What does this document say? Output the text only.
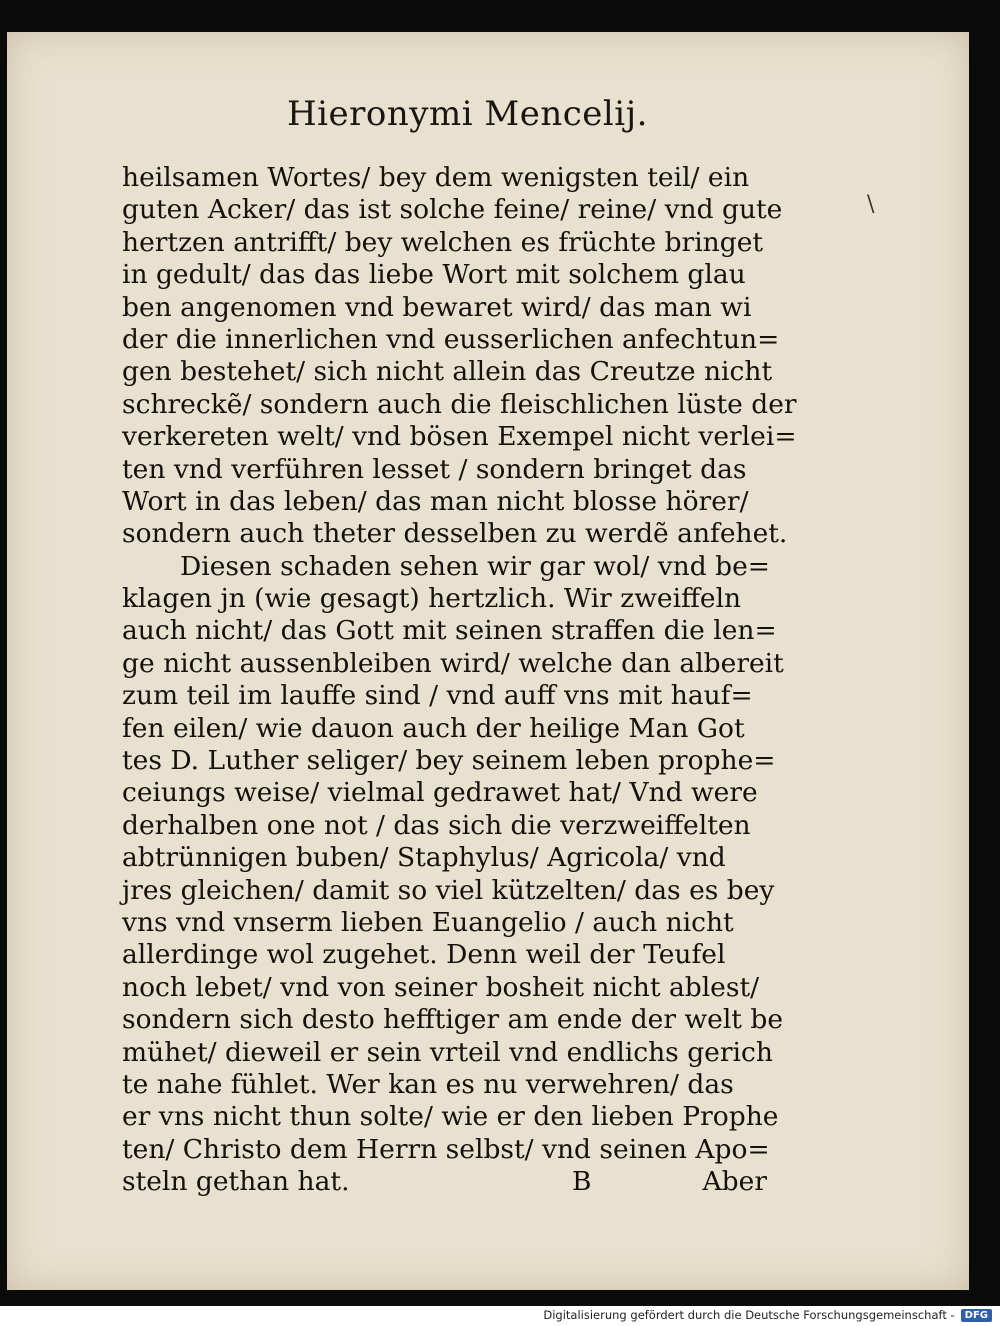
Hieronymi Mencelij.
\
heilsamen Wortes/ bey dem wenigsten teil/ ein
guten Acker/ das ist solche feine/ reine/ vnd gute
hertzen antrifft/ bey welchen es früchte bringet
in gedult/ das das liebe Wort mit solchem glau
ben angenomen vnd bewaret wird/ das man wi
der die innerlichen vnd eusserlichen anfechtun=
gen bestehet/ sich nicht allein das Creutze nicht
schreckẽ/ sondern auch die fleischlichen lüste der
verkereten welt/ vnd bösen Exempel nicht verlei=
ten vnd verführen lesset / sondern bringet das
Wort in das leben/ das man nicht blosse hörer/
sondern auch theter desselben zu werdẽ anfehet.
Diesen schaden sehen wir gar wol/ vnd be=
klagen jn (wie gesagt) hertzlich. Wir zweiffeln
auch nicht/ das Gott mit seinen straffen die len=
ge nicht aussenbleiben wird/ welche dan albereit
zum teil im lauffe sind / vnd auff vns mit hauf=
fen eilen/ wie dauon auch der heilige Man Got
tes D. Luther seliger/ bey seinem leben prophe=
ceiungs weise/ vielmal gedrawet hat/ Vnd were
derhalben one not / das sich die verzweiffelten
abtrünnigen buben/ Staphylus/ Agricola/ vnd
jres gleichen/ damit so viel kützelten/ das es bey
vns vnd vnserm lieben Euangelio / auch nicht
allerdinge wol zugehet. Denn weil der Teufel
noch lebet/ vnd von seiner bosheit nicht ablest/
sondern sich desto hefftiger am ende der welt be
mühet/ dieweil er sein vrteil vnd endlichs gerich
te nahe fühlet. Wer kan es nu verwehren/ das
er vns nicht thun solte/ wie er den lieben Prophe
ten/ Christo dem Herrn selbst/ vnd seinen Apo=
steln gethan hat.	B	Aber
Digitalisierung gefördert durch die Deutsche Forschungsgemeinschaft -	DFG
